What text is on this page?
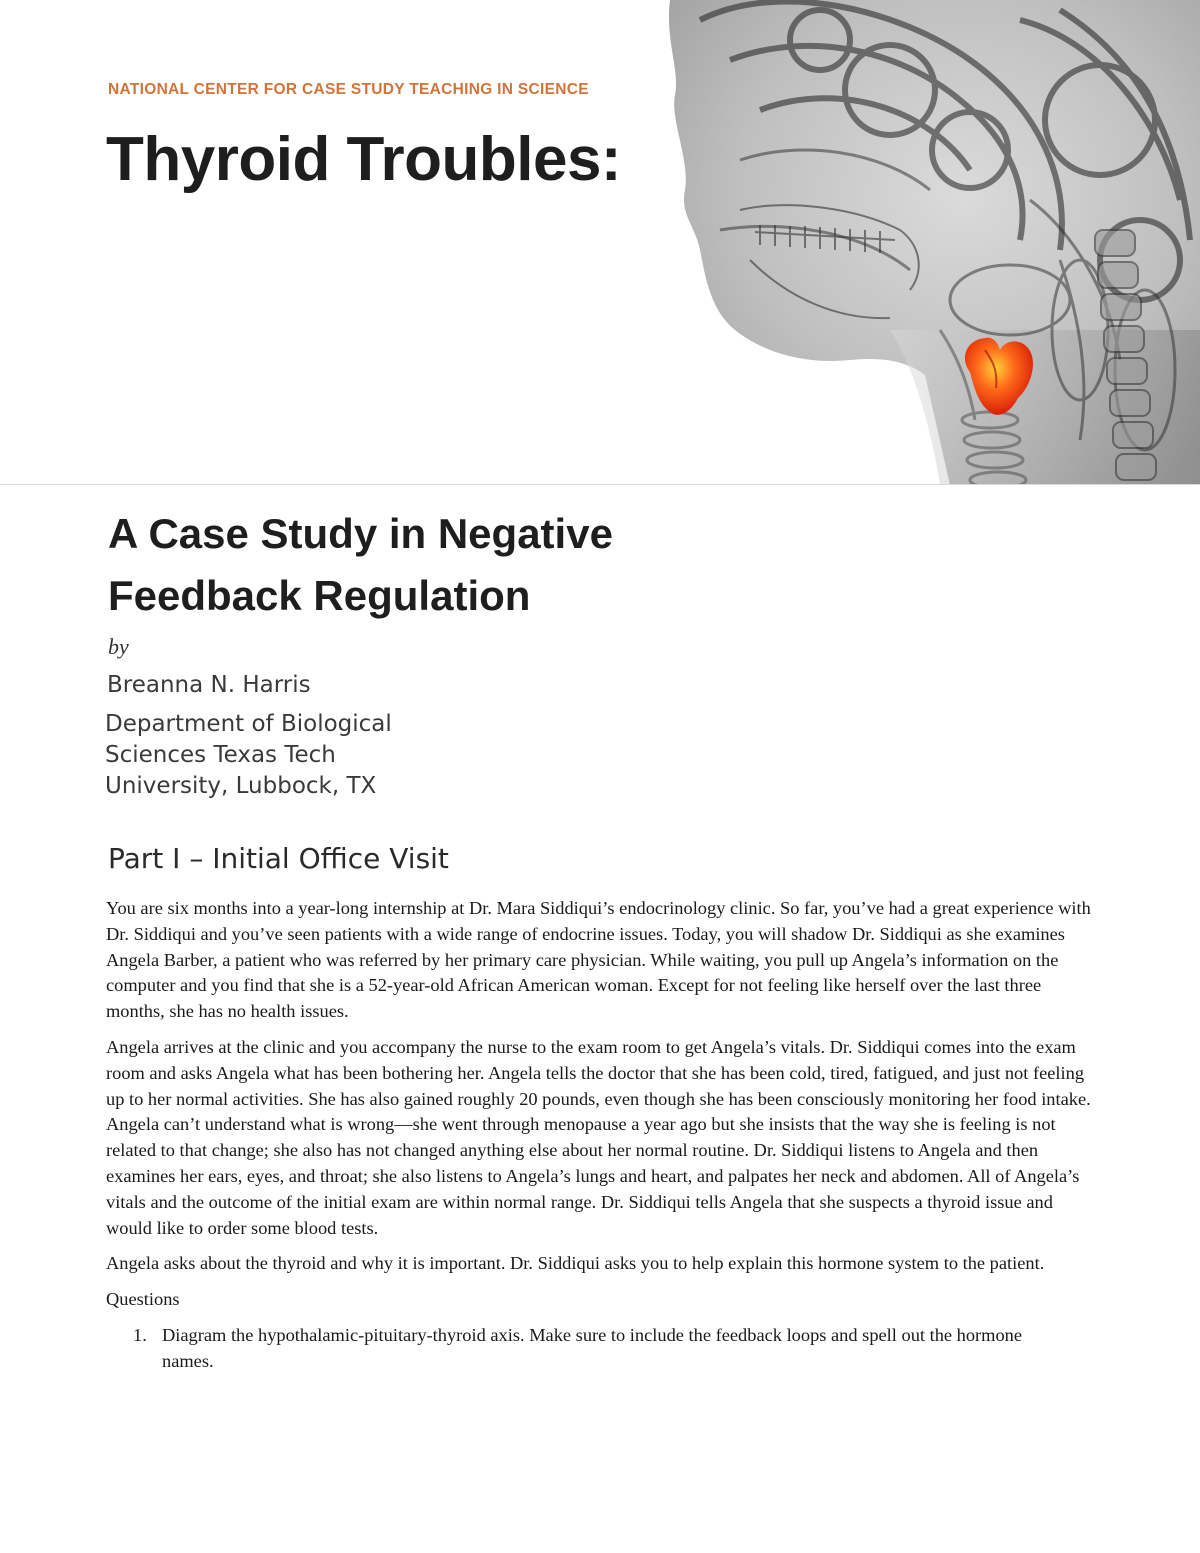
NATIONAL CENTER FOR CASE STUDY TEACHING IN SCIENCE

Thyroid Troubles:
A Case Study in Negative Feedback Regulation
by
Breanna N. Harris
Department of Biological
Sciences Texas Tech
University, Lubbock, TX
Part I – Initial Office Visit

You are six months into a year-long internship at Dr. Mara Siddiqui’s endocrinology clinic. So far, you’ve had a great experience with Dr. Siddiqui and you’ve seen patients with a wide range of endocrine issues. Today, you will shadow Dr. Siddiqui as she examines Angela Barber, a patient who was referred by her primary care physician. While waiting, you pull up Angela’s information on the computer and you find that she is a 52-year-old African American woman. Except for not feeling like herself over the last three months, she has no health issues.

Angela arrives at the clinic and you accompany the nurse to the exam room to get Angela’s vitals. Dr. Siddiqui comes into the exam room and asks Angela what has been bothering her. Angela tells the doctor that she has been cold, tired, fatigued, and just not feeling up to her normal activities. She has also gained roughly 20 pounds, even though she has been consciously monitoring her food intake. Angela can’t understand what is wrong—she went through menopause a year ago but she insists that the way she is feeling is not related to that change; she also has not changed anything else about her normal routine. Dr. Siddiqui listens to Angela and then examines her ears, eyes, and throat; she also listens to Angela’s lungs and heart, and palpates her neck and abdomen. All of Angela’s vitals and the outcome of the initial exam are within normal range. Dr. Siddiqui tells Angela that she suspects a thyroid issue and would like to order some blood tests.

Angela asks about the thyroid and why it is important. Dr. Siddiqui asks you to help explain this hormone system to the patient.

Questions

1. Diagram the hypothalamic-pituitary-thyroid axis. Make sure to include the feedback loops and spell out the hormone names.
